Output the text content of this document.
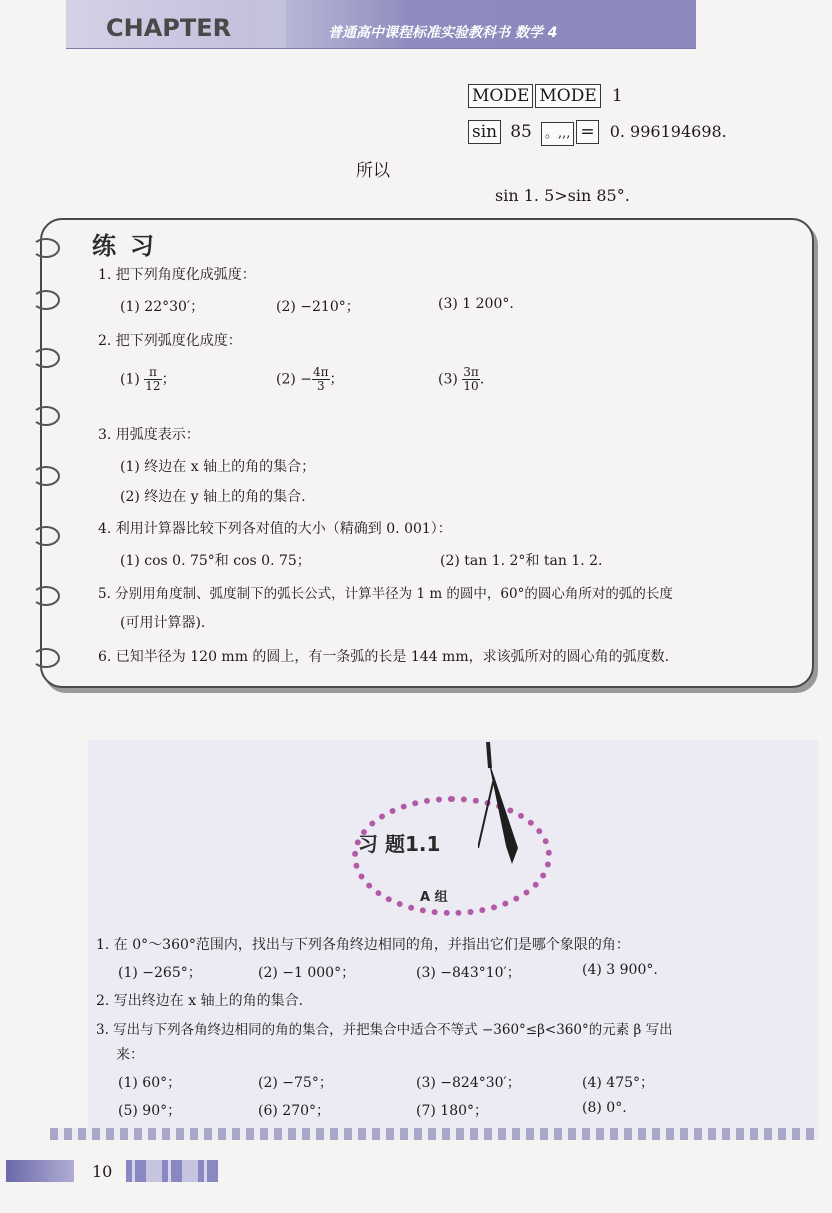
CHAPTER	普通高中课程标准实验教科书 数学 4
MODE MODE 1
sin 85 。,,, = 0. 996194698.
所以
sin 1. 5>sin 85°.
练习
1. 把下列角度化成弧度：
(1) 22°30′；	(2) −210°；	(3) 1 200°.
2. 把下列弧度化成度：
$(1) \frac{\pi}{12}$ ；	$(2) - \frac{4\pi}{3}$ ；	$(3) \frac{3\pi}{10}$ .
3. 用弧度表示：
(1) 终边在 x 轴上的角的集合；
(2) 终边在 y 轴上的角的集合.
4. 利用计算器比较下列各对值的大小（精确到 0. 001）：
(1) cos 0. 75°和 cos 0. 75；	(2) tan 1. 2°和 tan 1. 2.
5. 分别用角度制、弧度制下的弧长公式，计算半径为 1 m 的圆中，60°的圆心角所对的弧的长度
(可用计算器).
6. 已知半径为 120 mm 的圆上，有一条弧的长是 144 mm，求该弧所对的圆心角的弧度数.
习 题1.1
A 组
1. 在 0°～360°范围内，找出与下列各角终边相同的角，并指出它们是哪个象限的角：
(1) −265°；	(2) −1 000°；	(3) −843°10′；	(4) 3 900°.
2. 写出终边在 x 轴上的角的集合.
3. 写出与下列各角终边相同的角的集合，并把集合中适合不等式 −360°≤β<360°的元素 β 写出
来：
(1) 60°；	(2) −75°；	(3) −824°30′；	(4) 475°；
(5) 90°；	(6) 270°；	(7) 180°；	(8) 0°.
10
